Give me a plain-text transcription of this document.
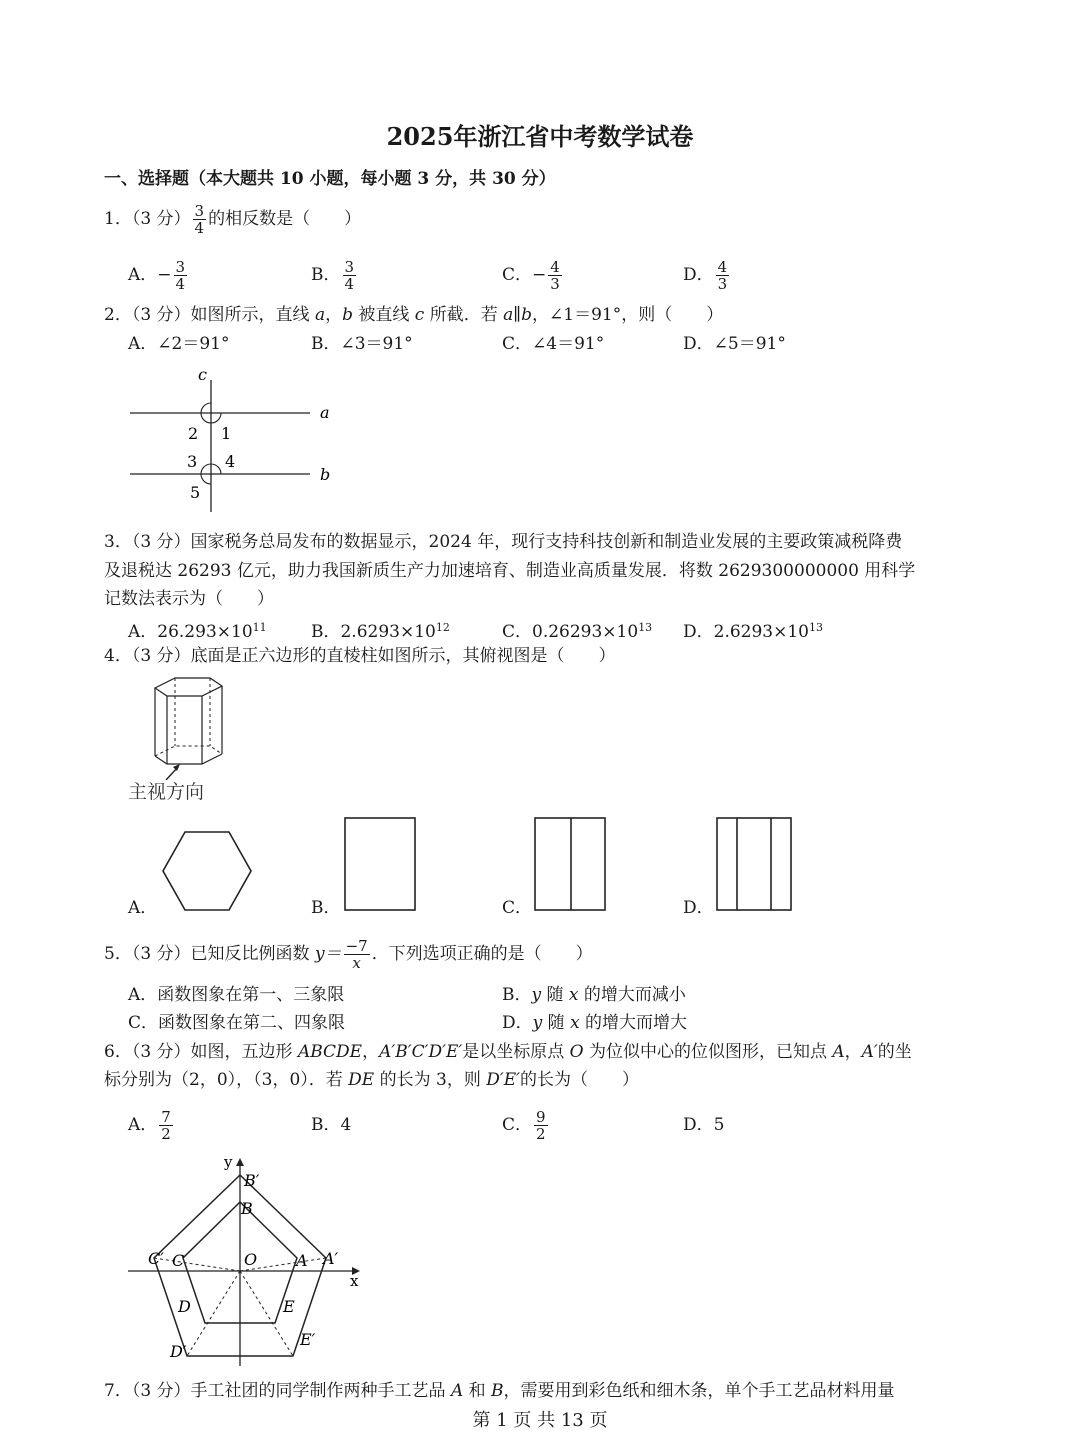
2025年浙江省中考数学试卷
一、选择题（本大题共 10 小题，每小题 3 分，共 30 分）
1．（3 分） $\frac{3}{4}$ 的相反数是（　　）
A．− $\frac{3}{4}$	B． $\frac{3}{4}$	C．− $\frac{4}{3}$	D． $\frac{4}{3}$
2．（3 分）如图所示，直线 a，b 被直线 c 所截．若 a∥b，∠1＝91°，则（　　）
A．∠2＝91°	B．∠3＝91°	C．∠4＝91°	D．∠5＝91°
c
a
b
2 1
3 4
5
3．（3 分）国家税务总局发布的数据显示，2024 年，现行支持科技创新和制造业发展的主要政策减税降费
及退税达 26293 亿元，助力我国新质生产力加速培育、制造业高质量发展．将数 2629300000000 用科学
记数法表示为（　　）
A．$26.293\times 10^{11}$	B．$2.6293\times 10^{12}$	C．$0.26293\times 10^{13}$ D．$2.6293\times 10^{13}$
4．（3 分）底面是正六边形的直棱柱如图所示，其俯视图是（　　）
主视方向
A．	B．	C．	D．
5．（3 分）已知反比例函数 $y= \frac{-7}{x}$ ．下列选项正确的是（　　）
A．函数图象在第一、三象限	B．y 随 x 的增大而减小
C．函数图象在第二、四象限	D．y 随 x 的增大而增大
6．（3 分）如图，五边形 ABCDE，A′B′C′D′E′是以坐标原点 O 为位似中心的位似图形，已知点 A，A′的坐
标分别为（2，0），（3，0）．若 DE 的长为 3，则 D′E′的长为（　　）
A． $\frac{7}{2}$	B．4	C． $\frac{9}{2}$	D．5
y
x
O
B′
B
C′ C	A A′
D	E
D′
E′
7．（3 分）手工社团的同学制作两种手工艺品 A 和 B，需要用到彩色纸和细木条，单个手工艺品材料用量
第 1 页 共 13 页
